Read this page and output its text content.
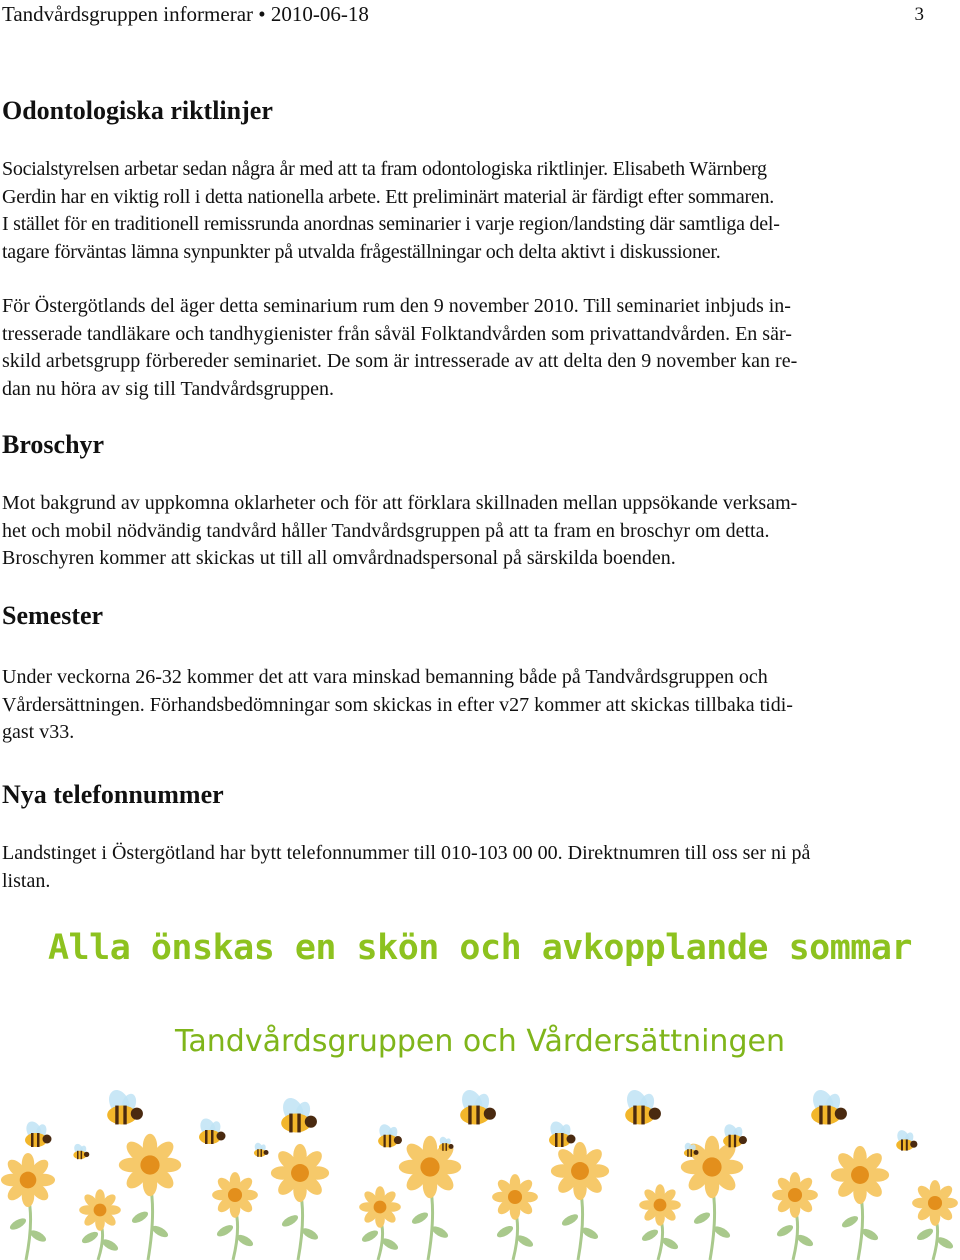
Tandvårdsgruppen informerar • 2010-06-18	3
Odontologiska riktlinjer

Socialstyrelsen arbetar sedan några år med att ta fram odontologiska riktlinjer. Elisabeth Wärnberg
Gerdin har en viktig roll i detta nationella arbete. Ett preliminärt material är färdigt efter sommaren.
I stället för en traditionell remissrunda anordnas seminarier i varje region/landsting där samtliga del-
tagare förväntas lämna synpunkter på utvalda frågeställningar och delta aktivt i diskussioner.

För Östergötlands del äger detta seminarium rum den 9 november 2010. Till seminariet inbjuds in-
tresserade tandläkare och tandhygienister från såväl Folktandvården som privattandvården. En sär-
skild arbetsgrupp förbereder seminariet. De som är intresserade av att delta den 9 november kan re-
dan nu höra av sig till Tandvårdsgruppen.

Broschyr

Mot bakgrund av uppkomna oklarheter och för att förklara skillnaden mellan uppsökande verksam-
het och mobil nödvändig tandvård håller Tandvårdsgruppen på att ta fram en broschyr om detta.
Broschyren kommer att skickas ut till all omvårdnadspersonal på särskilda boenden.

Semester

Under veckorna 26-32 kommer det att vara minskad bemanning både på Tandvårdsgruppen och
Vårdersättningen. Förhandsbedömningar som skickas in efter v27 kommer att skickas tillbaka tidi-
gast v33.

Nya telefonnummer

Landstinget i Östergötland har bytt telefonnummer till 010-103 00 00. Direktnumren till oss ser ni på
listan.

Alla önskas en skön och avkopplande sommar
Tandvårdsgruppen och Vårdersättningen
